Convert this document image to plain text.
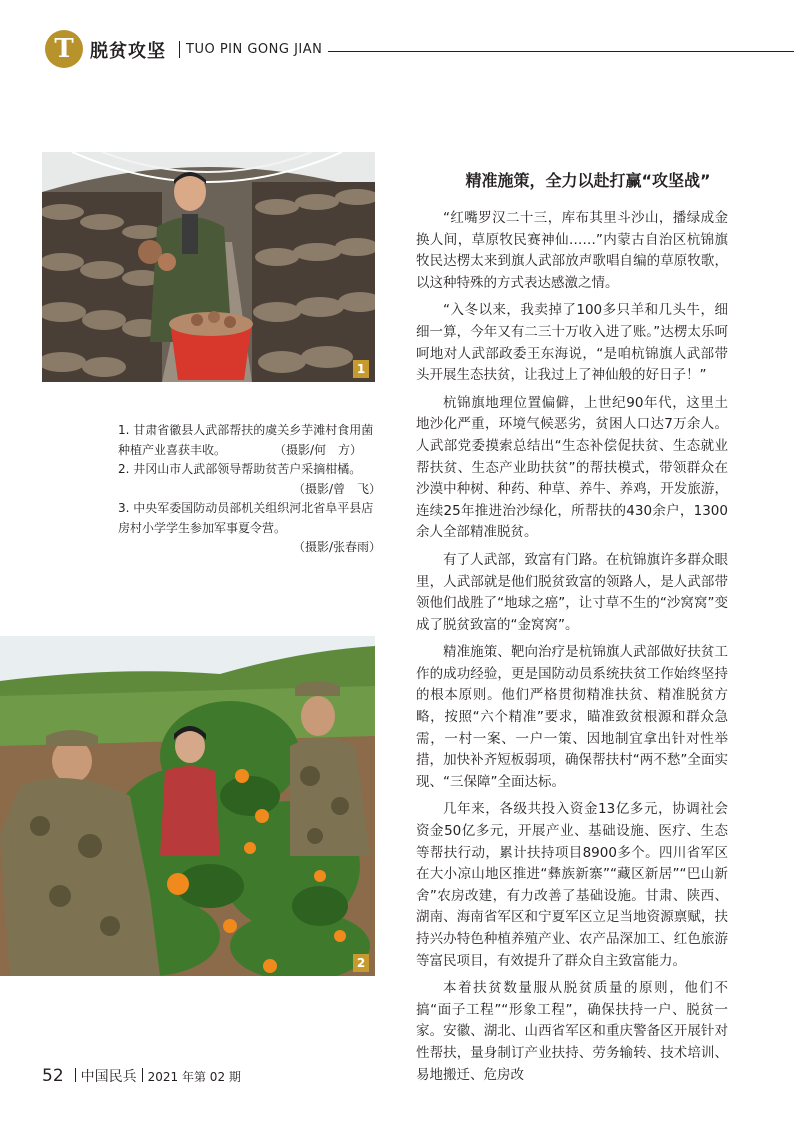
T 脱贫攻坚 TUO PIN GONG JIAN
1
1. 甘肃省徽县人武部帮扶的虞关乡芋滩村食用菌
种植产业喜获丰收。　　　　　（摄影/何　方）
2. 井冈山市人武部领导帮助贫苦户采摘柑橘。
（摄影/曾　飞）
3. 中央军委国防动员部机关组织河北省阜平县店
房村小学学生参加军事夏令营。
（摄影/张春雨）
2
精准施策，全力以赴打赢“攻坚战”

“红嘴罗汉二十三，库布其里斗沙山，播绿成金换人间，草原牧民赛神仙……”内蒙古自治区杭锦旗牧民达楞太来到旗人武部放声歌唱自编的草原牧歌，以这种特殊的方式表达感激之情。

“入冬以来，我卖掉了100多只羊和几头牛，细细一算，今年又有二三十万收入进了账。”达楞太乐呵呵地对人武部政委王东海说，“是咱杭锦旗人武部带头开展生态扶贫，让我过上了神仙般的好日子！”

杭锦旗地理位置偏僻，上世纪90年代，这里土地沙化严重，环境气候恶劣，贫困人口达7万余人。人武部党委摸索总结出“生态补偿促扶贫、生态就业帮扶贫、生态产业助扶贫”的帮扶模式，带领群众在沙漠中种树、种药、种草、养牛、养鸡，开发旅游，连续25年推进治沙绿化，所帮扶的430余户，1300余人全部精准脱贫。

有了人武部，致富有门路。在杭锦旗许多群众眼里，人武部就是他们脱贫致富的领路人，是人武部带领他们战胜了“地球之癌”，让寸草不生的“沙窝窝”变成了脱贫致富的“金窝窝”。

精准施策、靶向治疗是杭锦旗人武部做好扶贫工作的成功经验，更是国防动员系统扶贫工作始终坚持的根本原则。他们严格贯彻精准扶贫、精准脱贫方略，按照“六个精准”要求，瞄准致贫根源和群众急需，一村一案、一户一策、因地制宜拿出针对性举措，加快补齐短板弱项，确保帮扶村“两不愁”全面实现、“三保障”全面达标。

几年来，各级共投入资金13亿多元，协调社会资金50亿多元，开展产业、基础设施、医疗、生态等帮扶行动，累计扶持项目8900多个。四川省军区在大小凉山地区推进“彝族新寨”“藏区新居”“巴山新舍”农房改建，有力改善了基础设施。甘肃、陕西、湖南、海南省军区和宁夏军区立足当地资源禀赋，扶持兴办特色种植养殖产业、农产品深加工、红色旅游等富民项目，有效提升了群众自主致富能力。

本着扶贫数量服从脱贫质量的原则，他们不搞“面子工程”“形象工程”，确保扶持一户、脱贫一家。安徽、湖北、山西省军区和重庆警备区开展针对性帮扶，量身制订产业扶持、劳务输转、技术培训、易地搬迁、危房改

52 中国民兵 2021 年第 02 期
